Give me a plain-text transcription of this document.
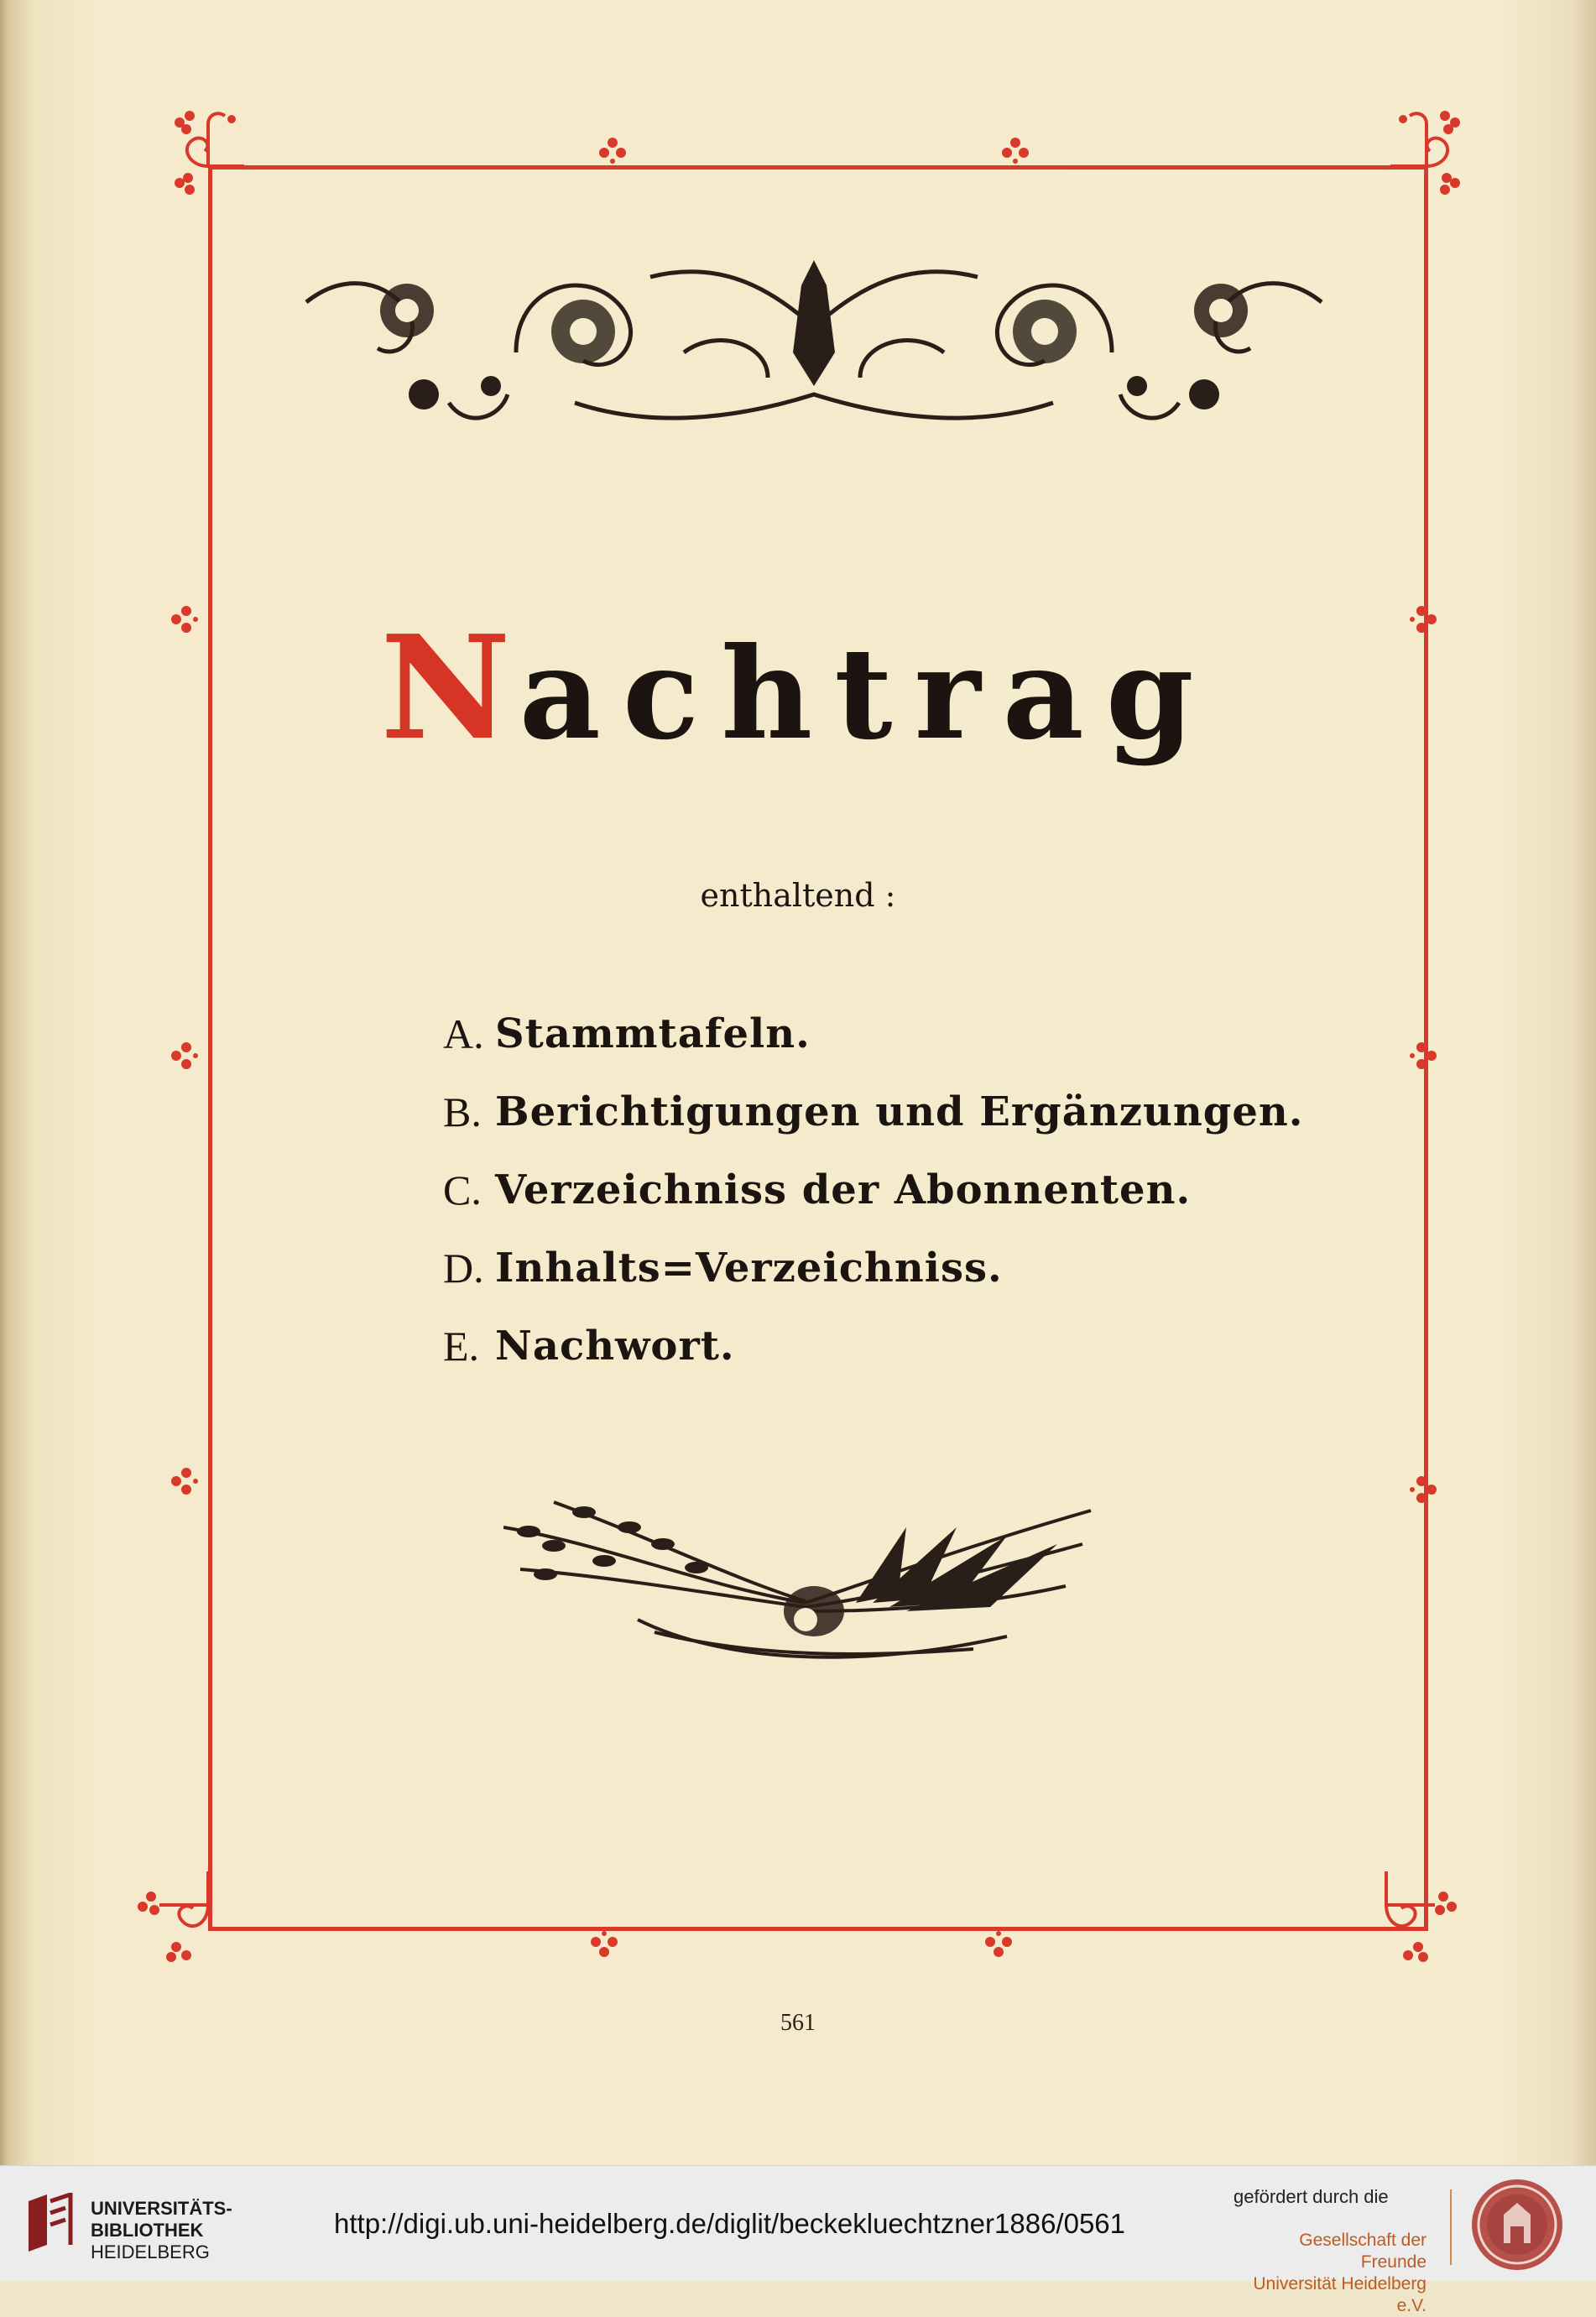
Nachtrag
enthaltend :
A. Stammtafeln.
B. Berichtigungen und Ergänzungen.
C. Verzeichniss der Abonnenten.
D. Inhalts=Verzeichniss.
E. Nachwort.
561
UNIVERSITÄTS-
BIBLIOTHEK
HEIDELBERG
http://digi.ub.uni-heidelberg.de/diglit/beckekluechtzner1886/0561
gefördert durch die
Gesellschaft der Freunde
Universität Heidelberg e.V.
